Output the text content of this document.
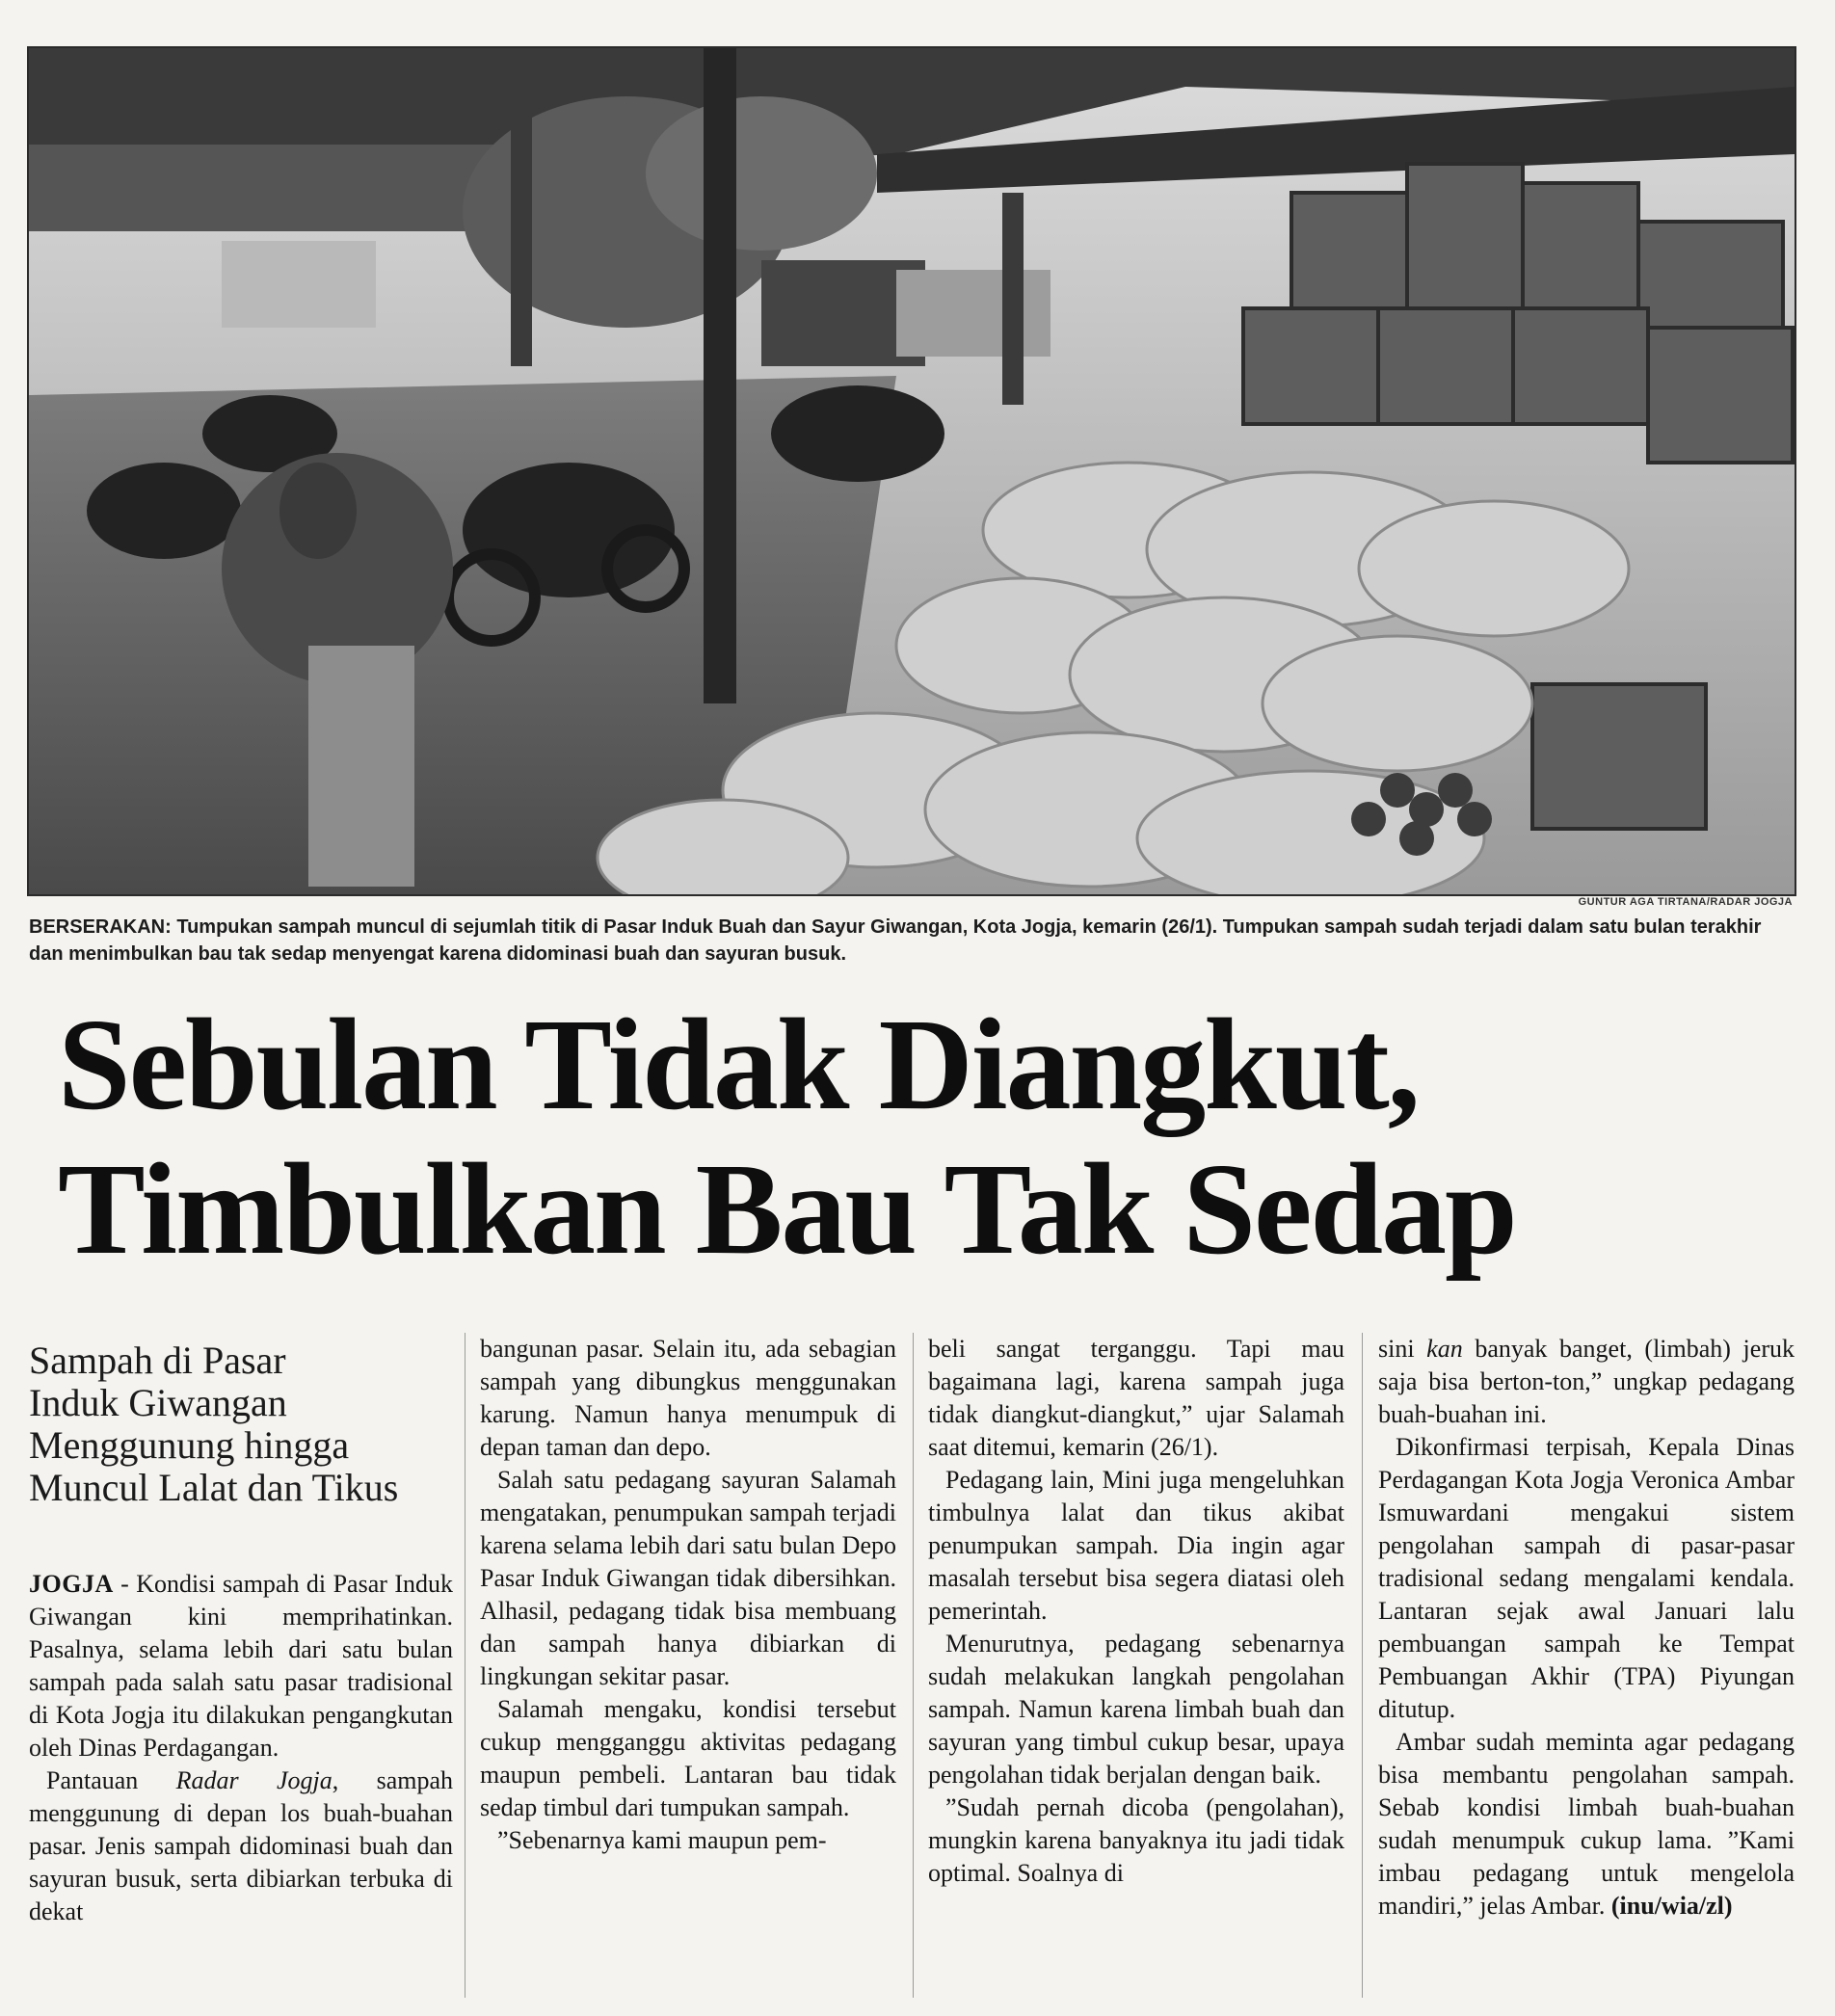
GUNTUR AGA TIRTANA/RADAR JOGJA
BERSERAKAN: Tumpukan sampah muncul di sejumlah titik di Pasar Induk Buah dan Sayur Giwangan, Kota Jogja, kemarin (26/1). Tumpukan sampah sudah terjadi dalam satu bulan terakhir dan menimbulkan bau tak sedap menyengat karena didominasi buah dan sayuran busuk.
Sebulan Tidak Diangkut,
Timbulkan Bau Tak Sedap
Sampah di Pasar
Induk Giwangan
Menggunung hingga
Muncul Lalat dan Tikus

JOGJA - Kondisi sampah di Pasar Induk Giwangan kini memprihatinkan. Pasalnya, selama lebih dari satu bulan sampah pada salah satu pasar tradisional di Kota Jogja itu dilakukan pengangkutan oleh Dinas Perdagangan.

Pantauan Radar Jogja, sampah menggunung di depan los buah-buahan pasar. Jenis sampah didominasi buah dan sayuran busuk, serta dibiarkan terbuka di dekat

bangunan pasar. Selain itu, ada sebagian sampah yang dibungkus menggunakan karung. Namun hanya menumpuk di depan taman dan depo.

Salah satu pedagang sayuran Salamah mengatakan, penumpukan sampah terjadi karena selama lebih dari satu bulan Depo Pasar Induk Giwangan tidak dibersihkan. Alhasil, pedagang tidak bisa membuang dan sampah hanya dibiarkan di lingkungan sekitar pasar.

Salamah mengaku, kondisi tersebut cukup mengganggu aktivitas pedagang maupun pembeli. Lantaran bau tidak sedap timbul dari tumpukan sampah.

”Sebenarnya kami maupun pem-

beli sangat terganggu. Tapi mau bagaimana lagi, karena sampah juga tidak diangkut-diangkut,” ujar Salamah saat ditemui, kemarin (26/1).

Pedagang lain, Mini juga mengeluhkan timbulnya lalat dan tikus akibat penumpukan sampah. Dia ingin agar masalah tersebut bisa segera diatasi oleh pemerintah.

Menurutnya, pedagang sebenarnya sudah melakukan langkah pengolahan sampah. Namun karena limbah buah dan sayuran yang timbul cukup besar, upaya pengolahan tidak berjalan dengan baik.

”Sudah pernah dicoba (pengolahan), mungkin karena banyaknya itu jadi tidak optimal. Soalnya di

sini kan banyak banget, (limbah) jeruk saja bisa berton-ton,” ungkap pedagang buah-buahan ini.

Dikonfirmasi terpisah, Kepala Dinas Perdagangan Kota Jogja Veronica Ambar Ismuwardani mengakui sistem pengolahan sampah di pasar-pasar tradisional sedang mengalami kendala. Lantaran sejak awal Januari lalu pembuangan sampah ke Tempat Pembuangan Akhir (TPA) Piyungan ditutup.

Ambar sudah meminta agar pedagang bisa membantu pengolahan sampah. Sebab kondisi limbah buah-buahan sudah menumpuk cukup lama. ”Kami imbau pedagang untuk mengelola mandiri,” jelas Ambar. (inu/wia/zl)
